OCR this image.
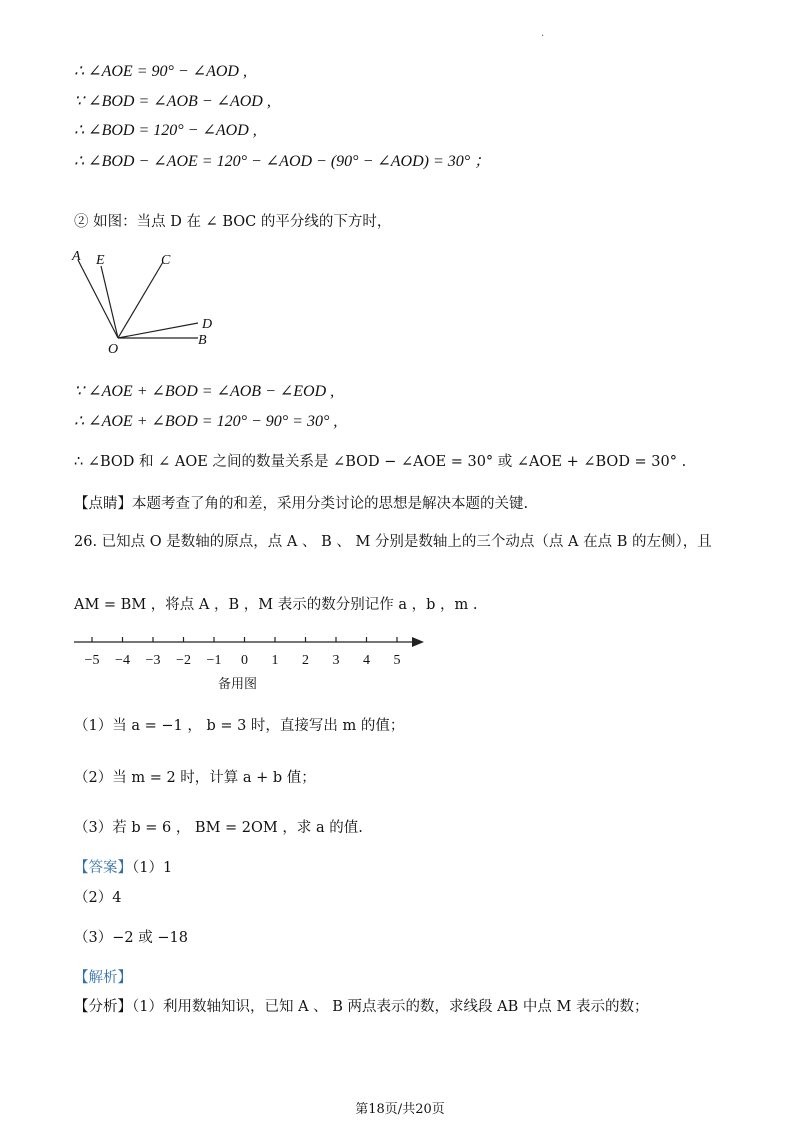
.
∴ ∠AOE = 90° − ∠AOD ,
∵ ∠BOD = ∠AOB − ∠AOD ,
∴ ∠BOD = 120° − ∠AOD ,
∴ ∠BOD − ∠AOE = 120° − ∠AOD − (90° − ∠AOD) = 30° ；
② 如图：当点 D 在 ∠ BOC 的平分线的下方时，
A E	C
D
B
O
∵ ∠AOE + ∠BOD = ∠AOB − ∠EOD ,
∴ ∠AOE + ∠BOD = 120° − 90° = 30° ,
∴ ∠BOD 和 ∠ AOE 之间的数量关系是 ∠BOD − ∠AOE = 30° 或 ∠AOE + ∠BOD = 30° .
【点睛】本题考查了角的和差，采用分类讨论的思想是解决本题的关键.
26. 已知点 O 是数轴的原点，点 A 、 B 、 M 分别是数轴上的三个动点（点 A 在点 B 的左侧），且
AM = BM ，将点 A ，B ，M 表示的数分别记作 a ，b ，m .
−5 −4 −3 −2 −1 0 1 2 3 4 5
备用图
（1）当 a = −1 ， b = 3 时，直接写出 m 的值；
（2）当 m = 2 时，计算 a + b 值；
（3）若 b = 6 ， BM = 2OM ，求 a 的值.
【答案】（1）1
（2）4
（3）−2 或 −18
【解析】
【分析】（1）利用数轴知识，已知 A 、 B 两点表示的数，求线段 AB 中点 M 表示的数；
第18页/共20页
